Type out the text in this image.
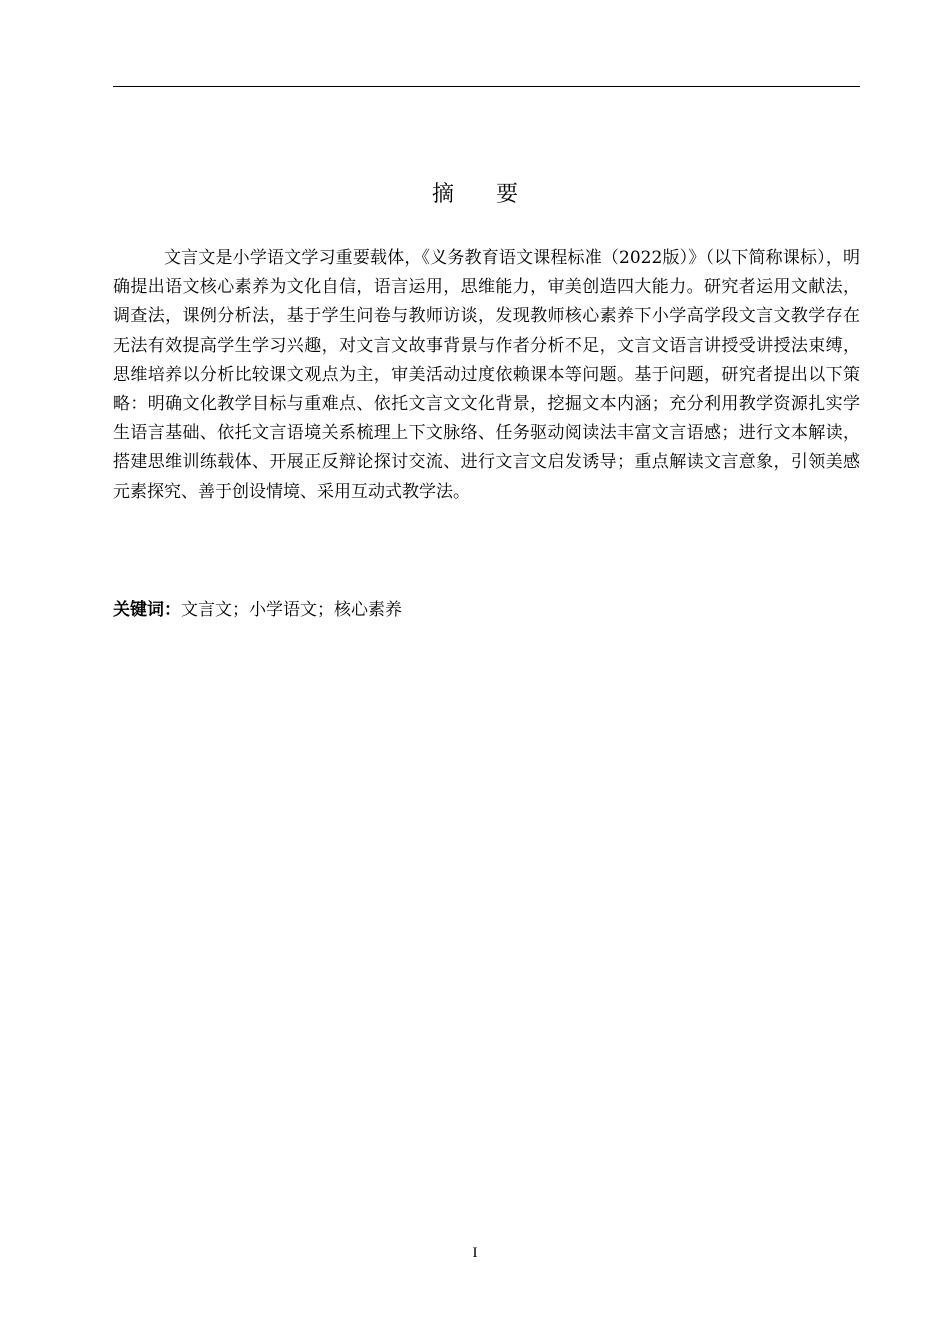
摘要

文言文是小学语文学习重要载体，《义务教育语文课程标准（2022版）》（以下简称课标），明确提出语文核心素养为文化自信，语言运用，思维能力，审美创造四大能力。研究者运用文献法，调查法，课例分析法，基于学生问卷与教师访谈，发现教师核心素养下小学高学段文言文教学存在无法有效提高学生学习兴趣，对文言文故事背景与作者分析不足，文言文语言讲授受讲授法束缚，思维培养以分析比较课文观点为主，审美活动过度依赖课本等问题。基于问题，研究者提出以下策略：明确文化教学目标与重难点、依托文言文文化背景，挖掘文本内涵；充分利用教学资源扎实学生语言基础、依托文言语境关系梳理上下文脉络、任务驱动阅读法丰富文言语感；进行文本解读，搭建思维训练载体、开展正反辩论探讨交流、进行文言文启发诱导；重点解读文言意象，引领美感元素探究、善于创设情境、采用互动式教学法。

关键词：文言文；小学语文；核心素养

I
